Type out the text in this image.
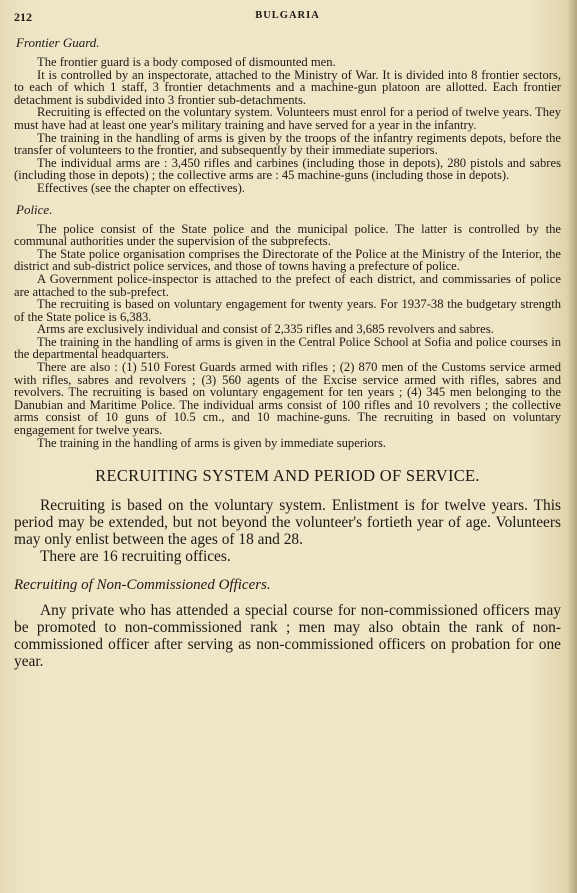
212	BULGARIA
Frontier Guard.

The frontier guard is a body composed of dismounted men.

It is controlled by an inspectorate, attached to the Ministry of War. It is divided into 8 frontier sectors, to each of which 1 staff, 3 frontier detachments and a machine-gun platoon are allotted. Each frontier detachment is subdivided into 3 frontier sub-detachments.

Recruiting is effected on the voluntary system. Volunteers must enrol for a period of twelve years. They must have had at least one year's military training and have served for a year in the infantry.

The training in the handling of arms is given by the troops of the infantry regiments depots, before the transfer of volunteers to the frontier, and subsequently by their immediate superiors.

The individual arms are : 3,450 rifles and carbines (including those in depots), 280 pistols and sabres (including those in depots) ; the collective arms are : 45 machine-guns (including those in depots).

Effectives (see the chapter on effectives).

Police.

The police consist of the State police and the municipal police. The latter is controlled by the communal authorities under the supervision of the subprefects.

The State police organisation comprises the Directorate of the Police at the Ministry of the Interior, the district and sub-district police services, and those of towns having a prefecture of police.

A Government police-inspector is attached to the prefect of each district, and commissaries of police are attached to the sub-prefect.

The recruiting is based on voluntary engagement for twenty years. For 1937-38 the budgetary strength of the State police is 6,383.

Arms are exclusively individual and consist of 2,335 rifles and 3,685 revolvers and sabres.

The training in the handling of arms is given in the Central Police School at Sofia and police courses in the departmental headquarters.

There are also : (1) 510 Forest Guards armed with rifles ; (2) 870 men of the Customs service armed with rifles, sabres and revolvers ; (3) 560 agents of the Excise service armed with rifles, sabres and revolvers. The recruiting is based on voluntary engagement for ten years ; (4) 345 men belonging to the Danubian and Maritime Police. The individual arms consist of 100 rifles and 10 revolvers ; the collective arms consist of 10 guns of 10.5 cm., and 10 machine-guns. The recruiting in based on voluntary engagement for twelve years.

The training in the handling of arms is given by immediate superiors.

RECRUITING SYSTEM AND PERIOD OF SERVICE.

Recruiting is based on the voluntary system. Enlistment is for twelve years. This period may be extended, but not beyond the volunteer's fortieth year of age. Volunteers may only enlist between the ages of 18 and 28.

There are 16 recruiting offices.

Recruiting of Non-Commissioned Officers.

Any private who has attended a special course for non-commissioned officers may be promoted to non-commissioned rank ; men may also obtain the rank of non-commissioned officer after serving as non-commissioned officers on probation for one year.
